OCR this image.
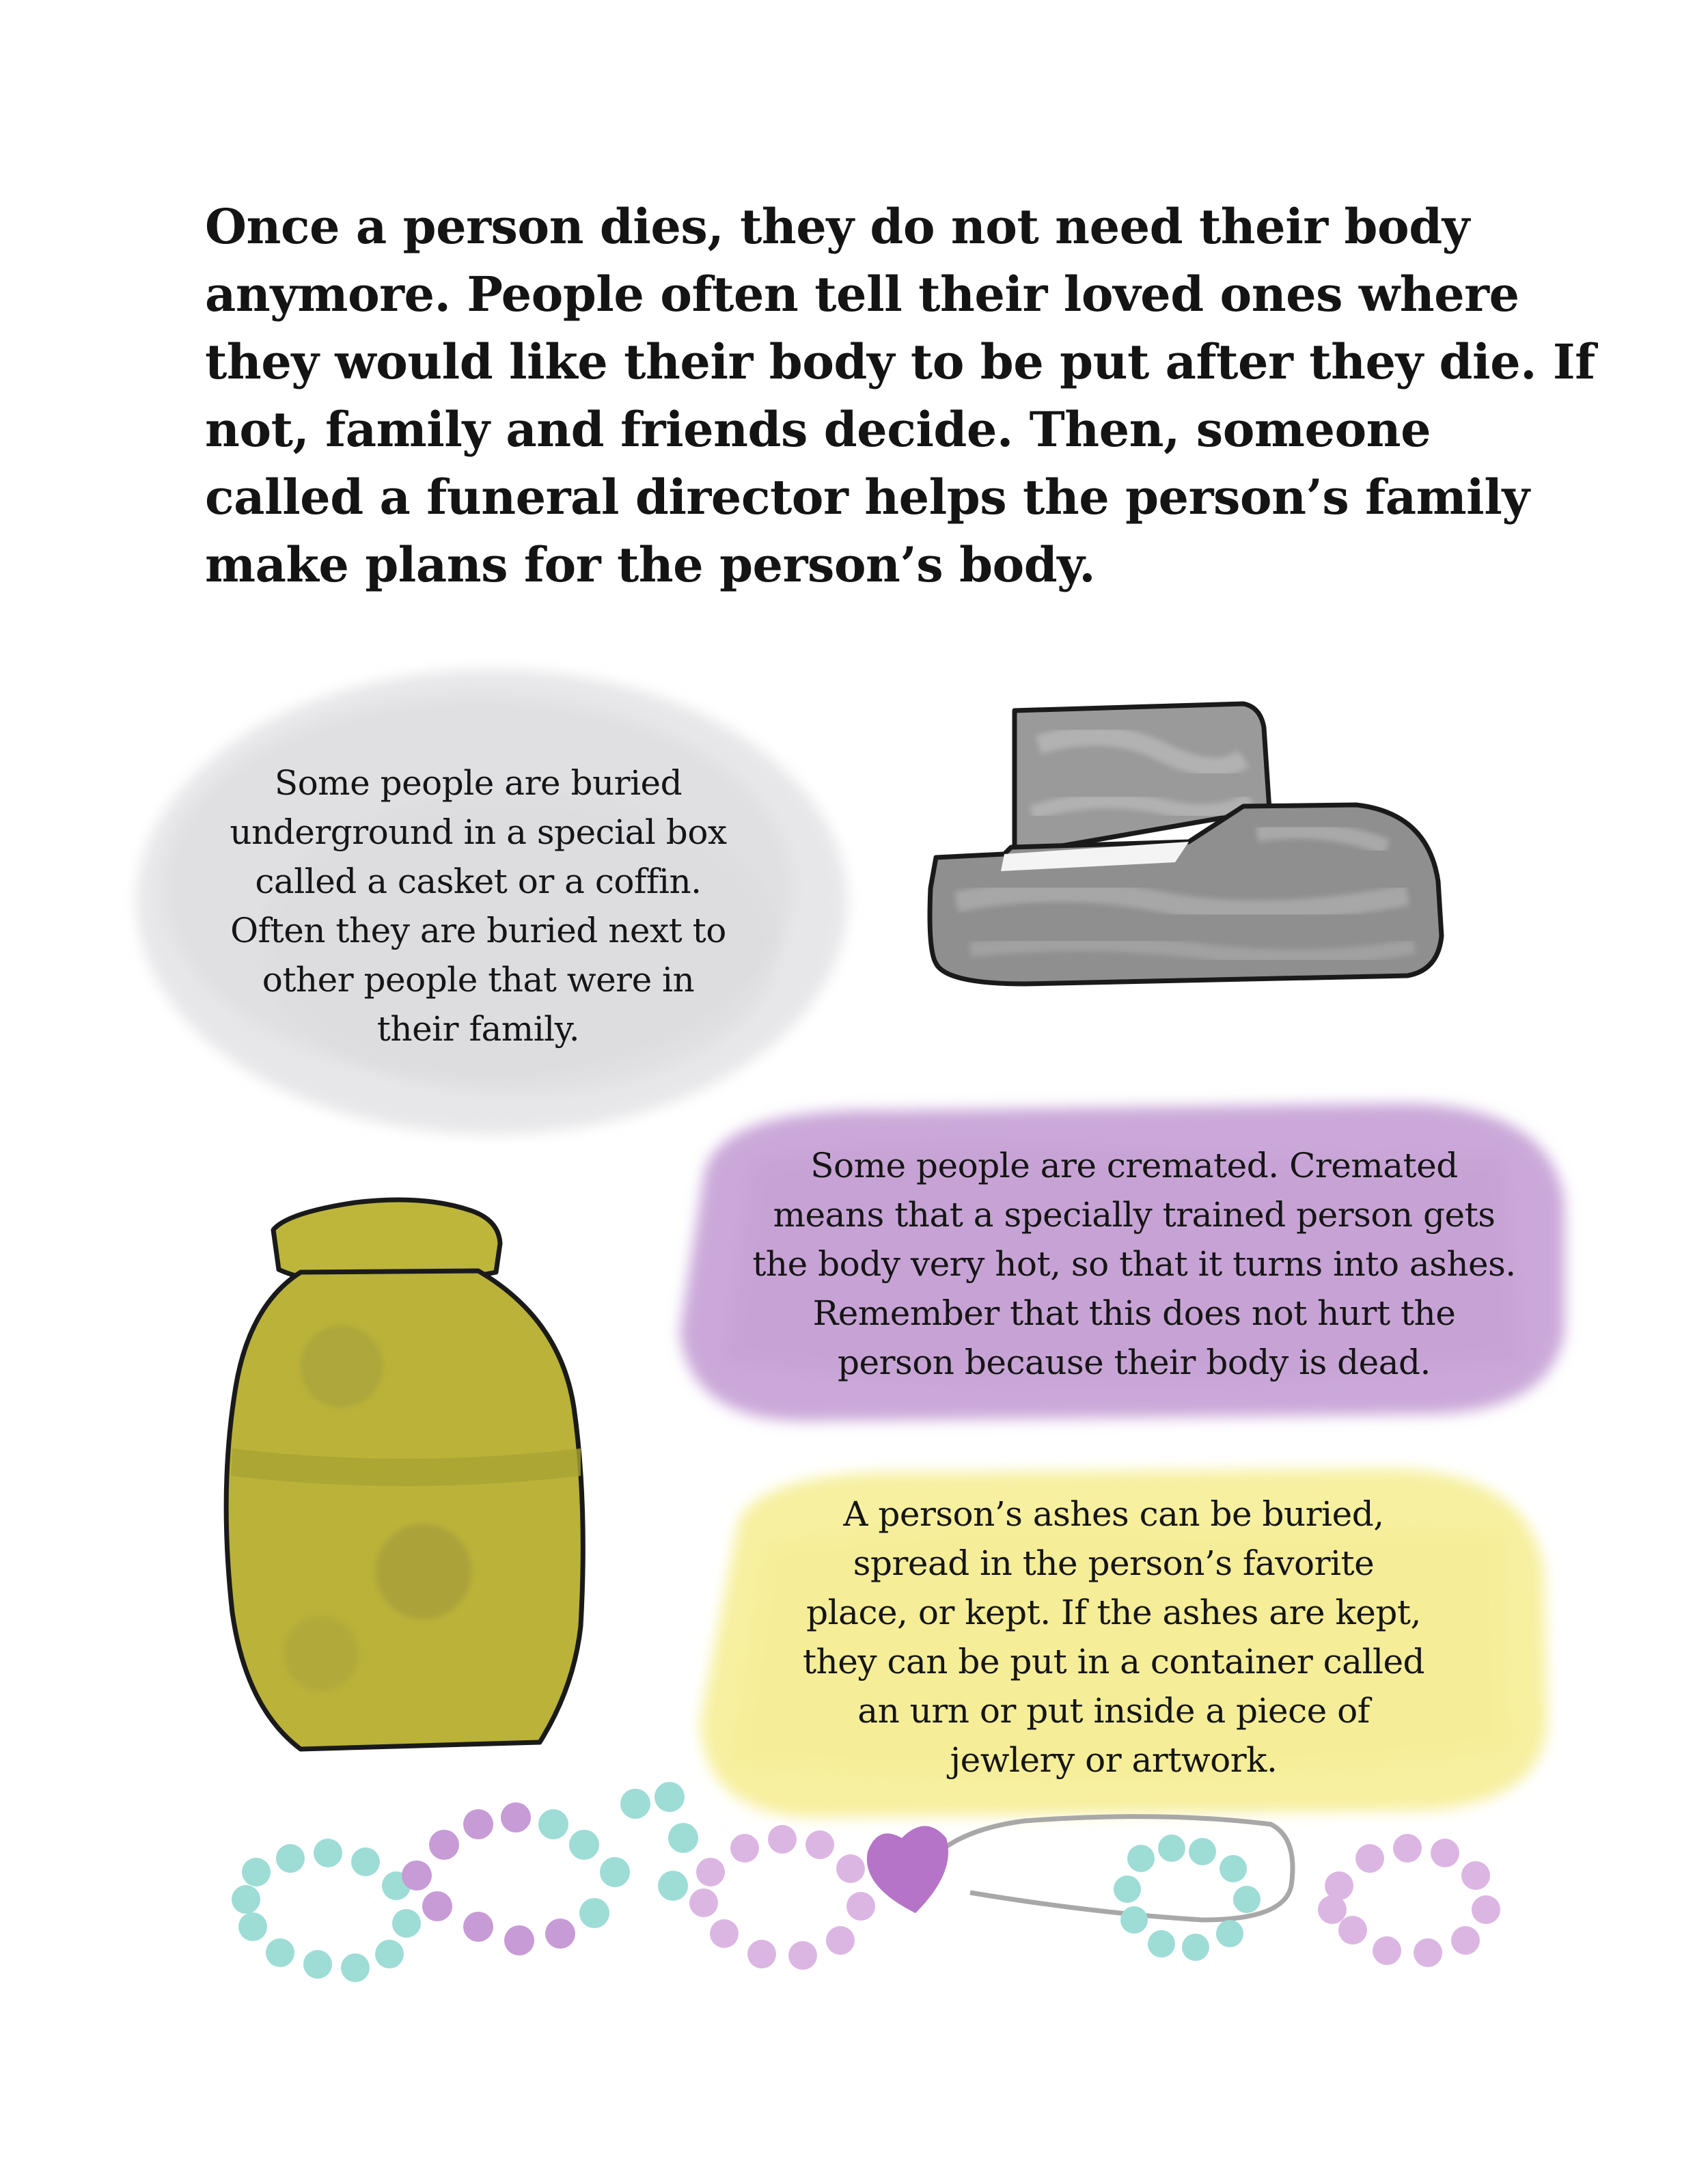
Once a person dies, they do not need their body
anymore. People often tell their loved ones where
they would like their body to be put after they die. If
not, family and friends decide. Then, someone
called a funeral director helps the person’s family
make plans for the person’s body.

Some people are buried
underground in a special box
called a casket or a coffin.
Often they are buried next to
other people that were in
their family.

Some people are cremated. Cremated
means that a specially trained person gets
the body very hot, so that it turns into ashes.
Remember that this does not hurt the
person because their body is dead.

A person’s ashes can be buried,
spread in the person’s favorite
place, or kept. If the ashes are kept,
they can be put in a container called
an urn or put inside a piece of
jewlery or artwork.
